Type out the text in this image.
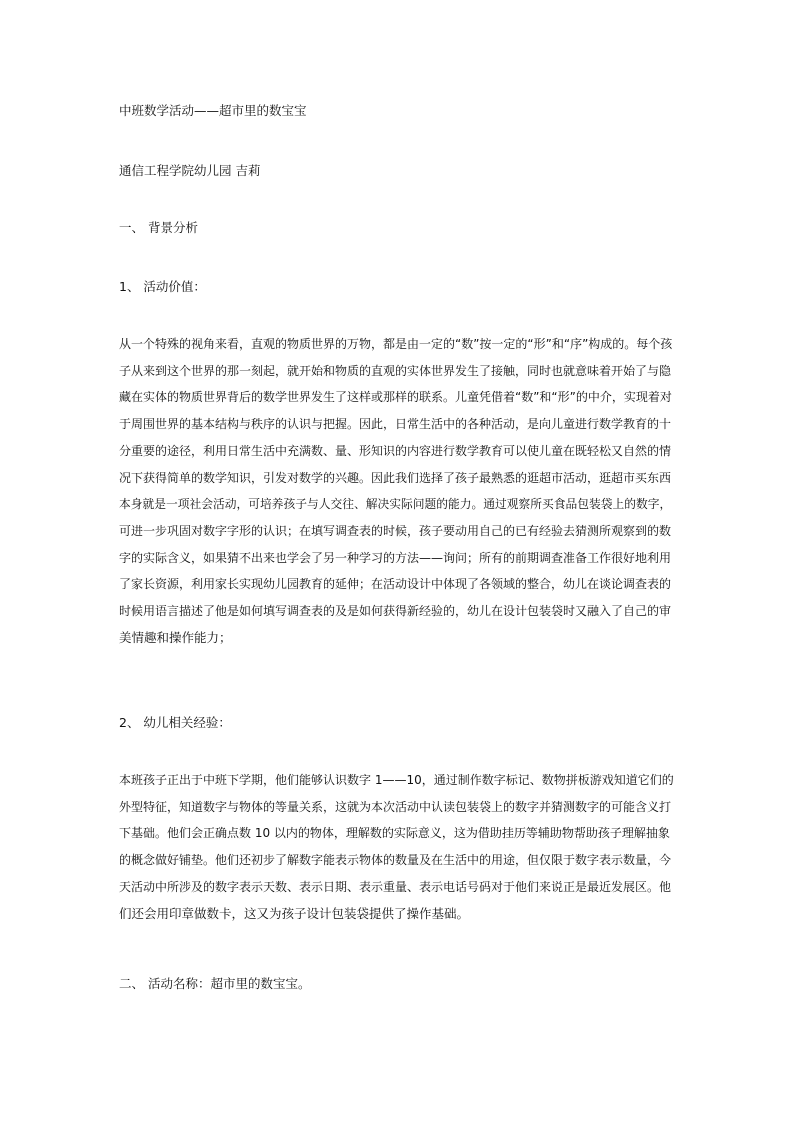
中班数学活动——超市里的数宝宝

通信工程学院幼儿园 吉莉

一、 背景分析

1、 活动价值：

从一个特殊的视角来看，直观的物质世界的万物，都是由一定的“数”按一定的“形”和“序”构成的。每个孩
子从来到这个世界的那一刻起，就开始和物质的直观的实体世界发生了接触，同时也就意味着开始了与隐
藏在实体的物质世界背后的数学世界发生了这样或那样的联系。儿童凭借着“数”和“形”的中介，实现着对
于周围世界的基本结构与秩序的认识与把握。因此，日常生活中的各种活动，是向儿童进行数学教育的十
分重要的途径，利用日常生活中充满数、量、形知识的内容进行数学教育可以使儿童在既轻松又自然的情
况下获得简单的数学知识，引发对数学的兴趣。因此我们选择了孩子最熟悉的逛超市活动，逛超市买东西
本身就是一项社会活动，可培养孩子与人交往、解决实际问题的能力。通过观察所买食品包装袋上的数字，
可进一步巩固对数字字形的认识；在填写调查表的时候，孩子要动用自己的已有经验去猜测所观察到的数
字的实际含义，如果猜不出来也学会了另一种学习的方法——询问；所有的前期调查准备工作很好地利用
了家长资源，利用家长实现幼儿园教育的延伸；在活动设计中体现了各领域的整合，幼儿在谈论调查表的
时候用语言描述了他是如何填写调查表的及是如何获得新经验的，幼儿在设计包装袋时又融入了自己的审
美情趣和操作能力；

2、 幼儿相关经验：

本班孩子正出于中班下学期，他们能够认识数字 1——10，通过制作数字标记、数物拼板游戏知道它们的
外型特征，知道数字与物体的等量关系，这就为本次活动中认读包装袋上的数字并猜测数字的可能含义打
下基础。他们会正确点数 10 以内的物体，理解数的实际意义，这为借助挂历等辅助物帮助孩子理解抽象
的概念做好铺垫。他们还初步了解数字能表示物体的数量及在生活中的用途，但仅限于数字表示数量，今
天活动中所涉及的数字表示天数、表示日期、表示重量、表示电话号码对于他们来说正是最近发展区。他
们还会用印章做数卡，这又为孩子设计包装袋提供了操作基础。

二、 活动名称：超市里的数宝宝。
